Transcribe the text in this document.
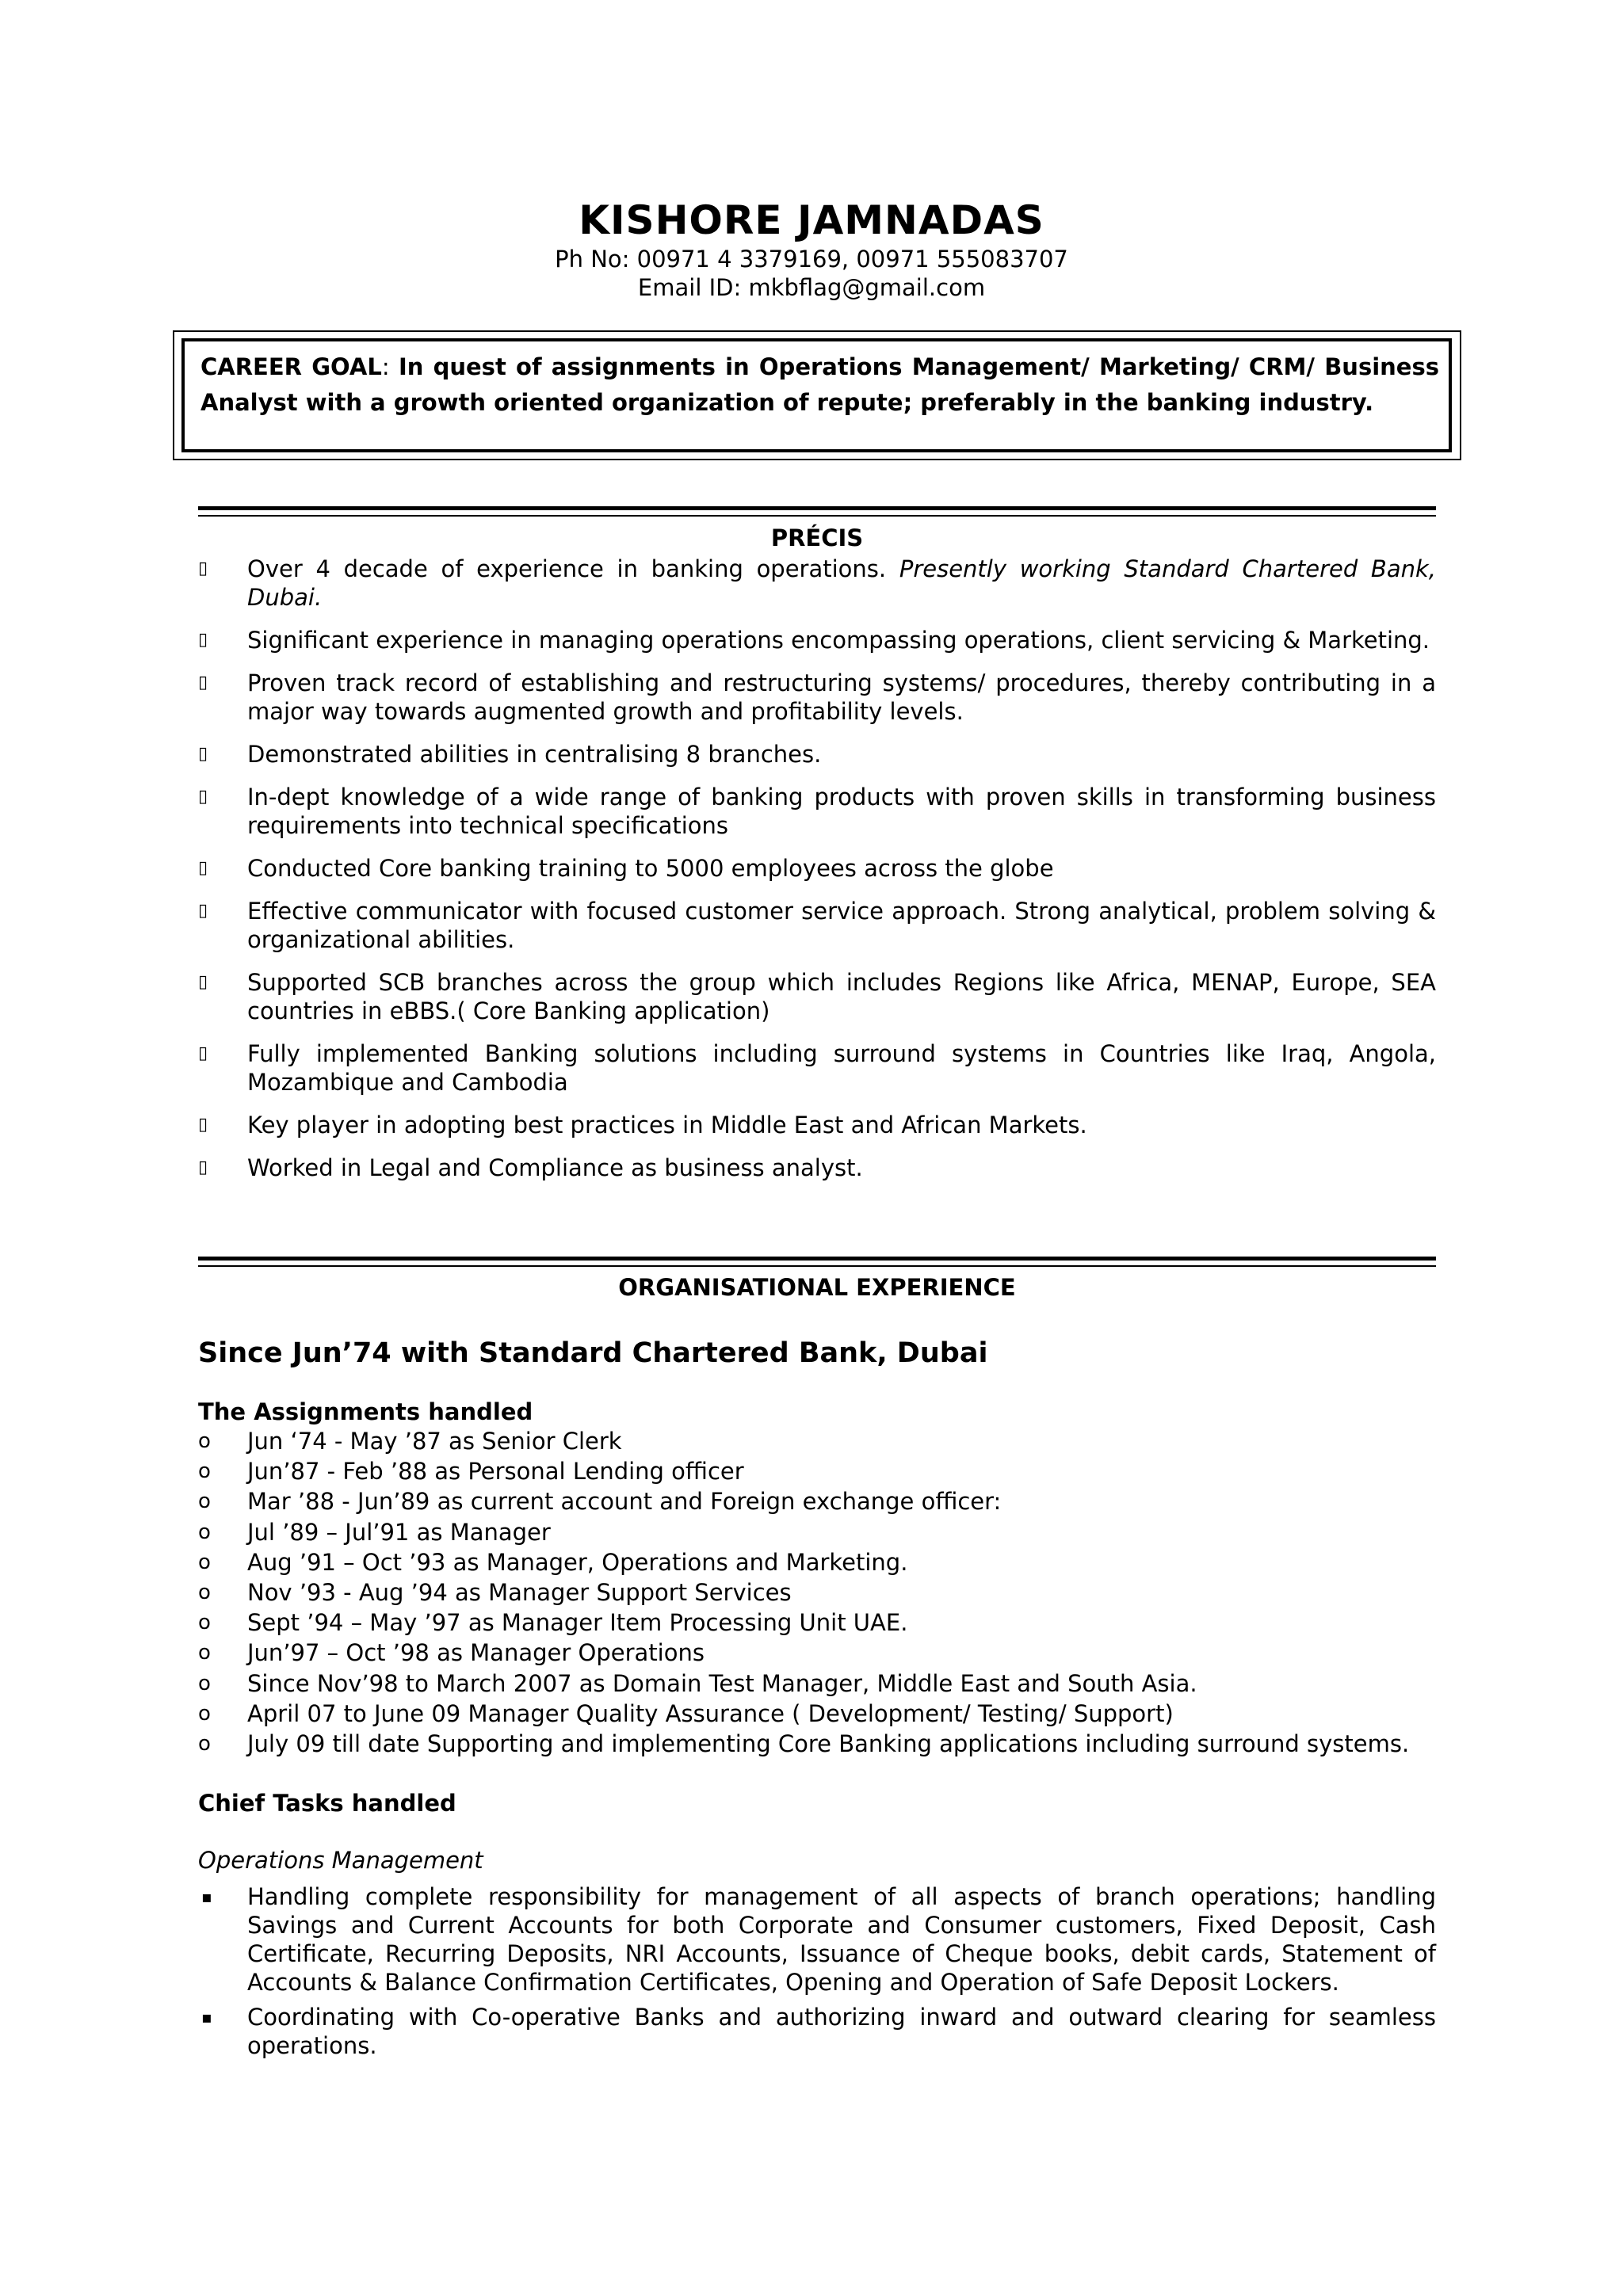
KISHORE JAMNADAS
Ph No: 00971 4 3379169, 00971 555083707
Email ID: mkbflag@gmail.com
CAREER GOAL: In quest of assignments in Operations Management/ Marketing/ CRM/ Business Analyst with a growth oriented organization of repute; preferably in the banking industry.
PRÉCIS
▯ Over 4 decade of experience in banking operations. Presently working Standard Chartered Bank, Dubai.
▯ Significant experience in managing operations encompassing operations, client servicing & Marketing.
▯ Proven track record of establishing and restructuring systems/ procedures, thereby contributing in a major way towards augmented growth and profitability levels.
▯ Demonstrated abilities in centralising 8 branches.
▯ In-dept knowledge of a wide range of banking products with proven skills in transforming business requirements into technical specifications
▯ Conducted Core banking training to 5000 employees across the globe
▯ Effective communicator with focused customer service approach. Strong analytical, problem solving & organizational abilities.
▯ Supported SCB branches across the group which includes Regions like Africa, MENAP, Europe, SEA countries in eBBS.( Core Banking application)
▯ Fully implemented Banking solutions including surround systems in Countries like Iraq, Angola, Mozambique and Cambodia
▯ Key player in adopting best practices in Middle East and African Markets.
▯ Worked in Legal and Compliance as business analyst.
ORGANISATIONAL EXPERIENCE
Since Jun’74 with Standard Chartered Bank, Dubai
The Assignments handled
o Jun ‘74 - May ’87 as Senior Clerk
o Jun’87 - Feb ’88 as Personal Lending officer
o Mar ’88 - Jun’89 as current account and Foreign exchange officer:
o Jul ’89 – Jul’91 as Manager
o Aug ’91 – Oct ’93 as Manager, Operations and Marketing.
o Nov ’93 - Aug ’94 as Manager Support Services
o Sept ’94 – May ’97 as Manager Item Processing Unit UAE.
o Jun’97 – Oct ’98 as Manager Operations
o Since Nov’98 to March 2007 as Domain Test Manager, Middle East and South Asia.
o April 07 to June 09 Manager Quality Assurance ( Development/ Testing/ Support)
o July 09 till date Supporting and implementing Core Banking applications including surround systems.
Chief Tasks handled
Operations Management
▪ Handling complete responsibility for management of all aspects of branch operations; handling Savings and Current Accounts for both Corporate and Consumer customers, Fixed Deposit, Cash Certificate, Recurring Deposits, NRI Accounts, Issuance of Cheque books, debit cards, Statement of Accounts & Balance Confirmation Certificates, Opening and Operation of Safe Deposit Lockers.
▪ Coordinating with Co-operative Banks and authorizing inward and outward clearing for seamless operations.
